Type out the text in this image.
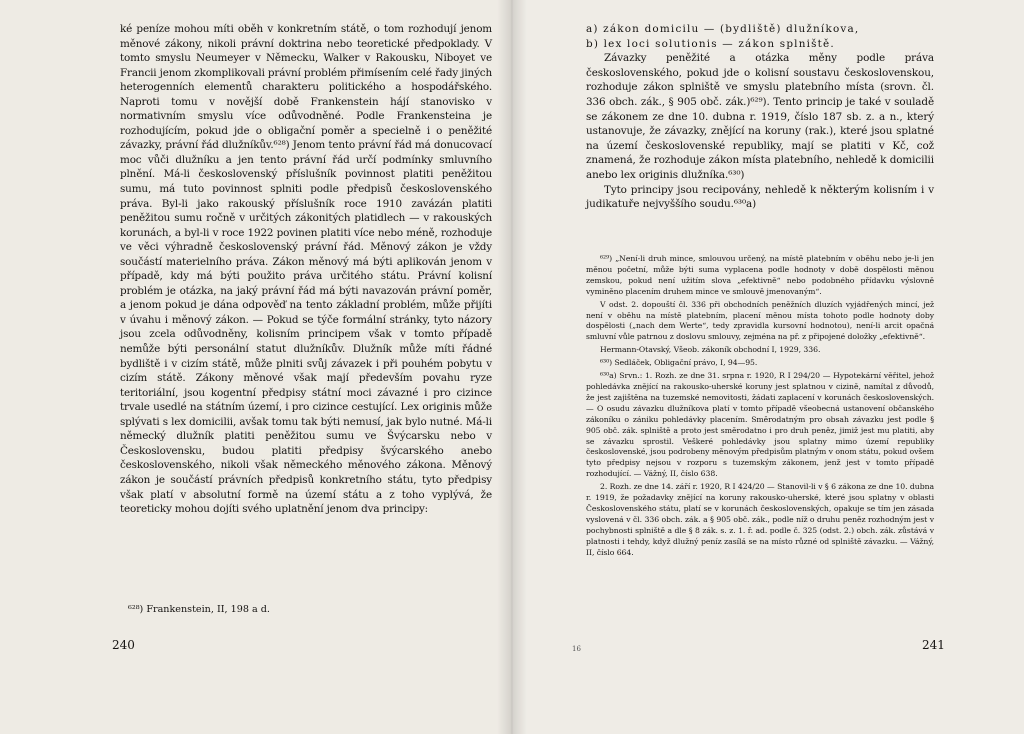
ké peníze mohou míti oběh v konkretním státě, o tom rozhodují jenom měnové zákony, nikoli právní doktrina nebo teoretické předpoklady. V tomto smyslu Neumeyer v Německu, Walker v Rakousku, Niboyet ve Francii jenom zkomplikovali právní problém přimísením celé řady jiných heterogenních elementů charakteru politického a hospodářského. Naproti tomu v novější době Frankenstein hájí stanovisko v normativním smyslu více odůvodněné. Podle Frankensteina je rozhodujícím, pokud jde o obligační poměr a specielně i o peněžité závazky, právní řád dlužníkův.⁶²⁸) Jenom tento právní řád má donucovací moc vůči dlužníku a jen tento právní řád určí podmínky smluvního plnění. Má-li československý příslušník povinnost platiti peněžitou sumu, má tuto povinnost splniti podle předpisů československého práva. Byl-li jako rakouský příslušník roce 1910 zavázán platiti peněžitou sumu ročně v určitých zákonitých platidlech — v rakouských korunách, a byl-li v roce 1922 povinen platiti více nebo méně, rozhoduje ve věci výhradně československý právní řád. Měnový zákon je vždy součástí materielního práva. Zákon měnový má býti aplikován jenom v případě, kdy má býti použito práva určitého státu. Právní kolisní problém je otázka, na jaký právní řád má býti navazován právní poměr, a jenom pokud je dána odpověď na tento základní problém, může přijíti v úvahu i měnový zákon. — Pokud se týče formální stránky, tyto názory jsou zcela odůvodněny, kolisním principem však v tomto případě nemůže býti personální statut dlužníkův. Dlužník může míti řádné bydliště i v cizím státě, může plniti svůj závazek i při pouhém pobytu v cizím státě. Zákony měnové však mají především povahu ryze teritoriální, jsou kogentní předpisy státní moci závazné i pro cizince trvale usedlé na státním území, i pro cizince cestující. Lex originis může splývati s lex domicilii, avšak tomu tak býti nemusí, jak bylo nutné. Má-li německý dlužník platiti peněžitou sumu ve Švýcarsku nebo v Československu, budou platiti předpisy švýcarského anebo československého, nikoli však německého měnového zákona. Měnový zákon je součástí právních předpisů konkretního státu, tyto předpisy však platí v absolutní formě na území státu a z toho vyplývá, že teoreticky mohou dojíti svého uplatnění jenom dva principy:

⁶²⁸) Frankenstein, II, 198 a d.
240

a) zákon domicilu — (bydliště) dlužníkova,

b) lex loci solutionis — zákon splniště.

Závazky peněžité a otázka měny podle práva československého, pokud jde o kolisní soustavu československou, rozhoduje zákon splniště ve smyslu platebního místa (srovn. čl. 336 obch. zák., § 905 obč. zák.)⁶²⁹). Tento princip je také v souladě se zákonem ze dne 10. dubna r. 1919, číslo 187 sb. z. a n., který ustanovuje, že závazky, znějící na koruny (rak.), které jsou splatné na území československé republiky, mají se platiti v Kč, což znamená, že rozhoduje zákon místa platebního, nehledě k domicilii anebo lex originis dlužníka.⁶³⁰)

Tyto principy jsou recipovány, nehledě k některým kolisním i v judikatuře nejvyššího soudu.⁶³⁰a)

⁶²⁹) „Není-li druh mince, smlouvou určený, na místě platebním v oběhu nebo je-li jen měnou početní, může býti suma vyplacena podle hodnoty v době dospělosti měnou zemskou, pokud není užitím slova „efektivně“ nebo podobného přídavku výslovně vyminěno placením druhem mince ve smlouvě jmenovaným“.

V odst. 2. dopouští čl. 336 při obchodních peněžních dluzích vyjádřených mincí, jež není v oběhu na místě platebním, placení měnou místa tohoto podle hodnoty doby dospělosti („nach dem Werte“, tedy zpravidla kursovní hodnotou), není-li arcit opačná smluvní vůle patrnou z doslovu smlouvy, zejména na př. z připojené doložky „efektivně“.

Hermann-Otavský, Všeob. zákoník obchodní I, 1929, 336.

⁶³⁰) Sedláček, Obligační právo, I, 94—95.

⁶³⁰a) Srvn.: 1. Rozh. ze dne 31. srpna r. 1920, R I 294/20 — Hypotekární věřitel, jehož pohledávka znějící na rakousko-uherské koruny jest splatnou v cizině, namítal z důvodů, že jest zajištěna na tuzemské nemovitosti, žádati zaplacení v korunách československých. — O osudu závazku dlužníkova platí v tomto případě všeobecná ustanovení občanského zákoníku o zániku pohledávky placením. Směrodatným pro obsah závazku jest podle § 905 obč. zák. splniště a proto jest směrodatno i pro druh peněz, jimiž jest mu platiti, aby se závazku sprostil. Veškeré pohledávky jsou splatny mimo území republiky československé, jsou podrobeny měnovým předpisům platným v onom státu, pokud ovšem tyto předpisy nejsou v rozporu s tuzemským zákonem, jenž jest v tomto případě rozhodující. — Vážný, II, číslo 638.

2. Rozh. ze dne 14. září r. 1920, R I 424/20 — Stanovil-li v § 6 zákona ze dne 10. dubna r. 1919, že požadavky znějící na koruny rakousko-uherské, které jsou splatny v oblasti Československého státu, platí se v korunách československých, opakuje se tím jen zásada vyslovená v čl. 336 obch. zák. a § 905 obč. zák., podle níž o druhu peněz rozhodným jest v pochybnosti splniště a dle § 8 zák. s. z. 1. ř. ad. podle č. 325 (odst. 2.) obch. zák. zůstává v platnosti i tehdy, když dlužný peníz zasílá se na místo různé od splniště závazku. — Vážný, II, číslo 664.

16	241
